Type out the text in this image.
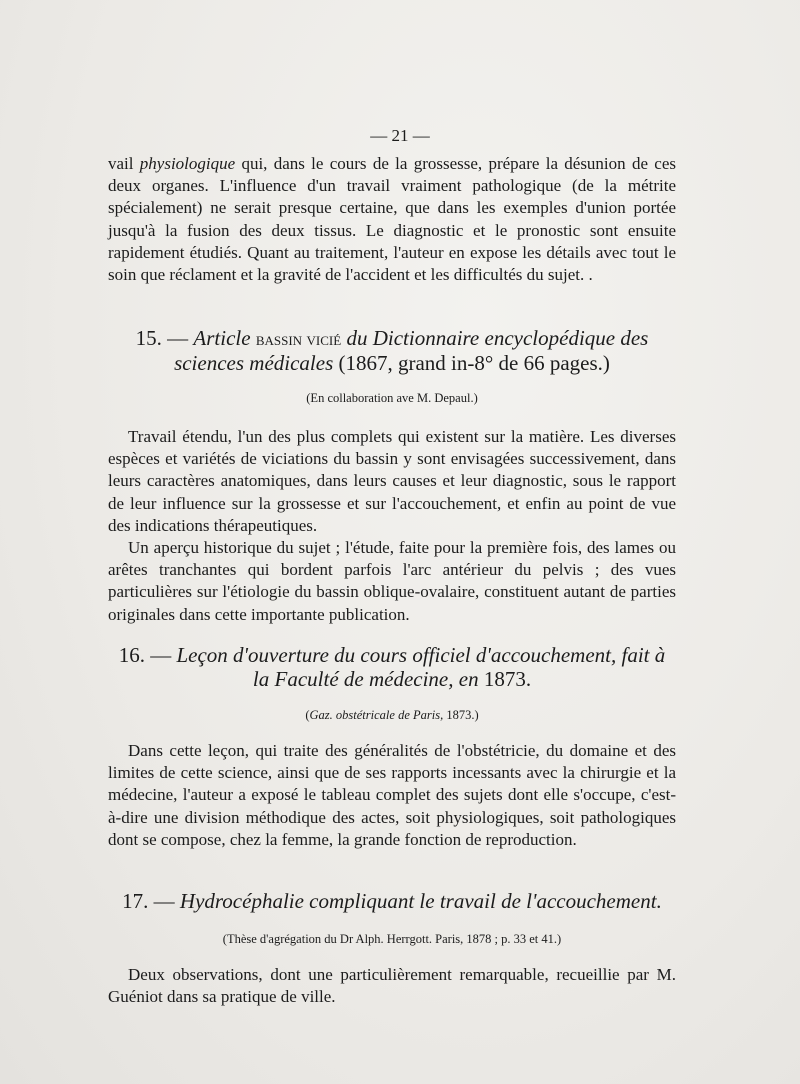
— 21 —

vail physiologique qui, dans le cours de la grossesse, prépare la désunion de ces deux organes. L'influence d'un travail vraiment pathologique (de la métrite spécialement) ne serait presque certaine, que dans les exemples d'union portée jusqu'à la fusion des deux tissus. Le diagnostic et le pronostic sont ensuite rapidement étudiés. Quant au traitement, l'auteur en expose les détails avec tout le soin que réclament et la gravité de l'accident et les difficultés du sujet. .

15. — Article bassin vicié du Dictionnaire encyclopédique des sciences médicales (1867, grand in-8° de 66 pages.)
(En collaboration ave M. Depaul.)

Travail étendu, l'un des plus complets qui existent sur la matière. Les diverses espèces et variétés de viciations du bassin y sont envisagées successivement, dans leurs caractères anatomiques, dans leurs causes et leur diagnostic, sous le rapport de leur influence sur la grossesse et sur l'accouchement, et enfin au point de vue des indications thérapeutiques.

Un aperçu historique du sujet ; l'étude, faite pour la première fois, des lames ou arêtes tranchantes qui bordent parfois l'arc antérieur du pelvis ; des vues particulières sur l'étiologie du bassin oblique-ovalaire, constituent autant de parties originales dans cette importante publication.

16. — Leçon d'ouverture du cours officiel d'accouchement, fait à la Faculté de médecine, en 1873.
(Gaz. obstétricale de Paris, 1873.)

Dans cette leçon, qui traite des généralités de l'obstétricie, du domaine et des limites de cette science, ainsi que de ses rapports incessants avec la chirurgie et la médecine, l'auteur a exposé le tableau complet des sujets dont elle s'occupe, c'est-à-dire une division méthodique des actes, soit physiologiques, soit pathologiques dont se compose, chez la femme, la grande fonction de reproduction.

17. — Hydrocéphalie compliquant le travail de l'accouchement.
(Thèse d'agrégation du Dr Alph. Herrgott. Paris, 1878 ; p. 33 et 41.)

Deux observations, dont une particulièrement remarquable, recueillie par M. Guéniot dans sa pratique de ville.
